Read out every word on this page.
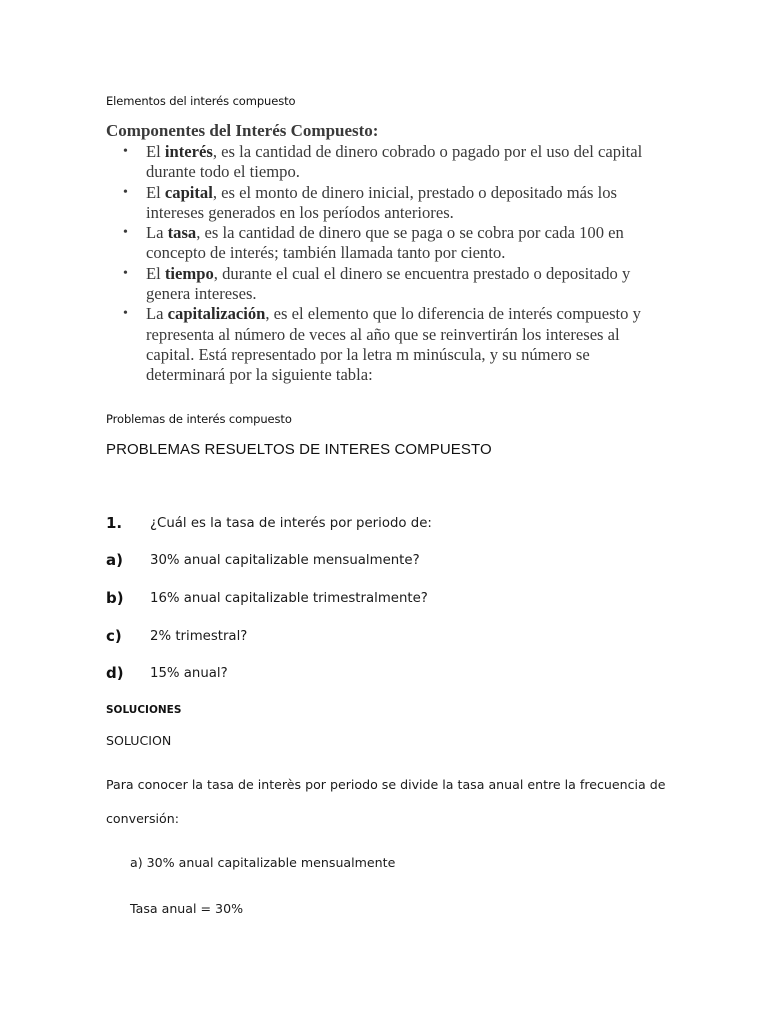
Elementos del interés compuesto
Componentes del Interés Compuesto:
• El interés, es la cantidad de dinero cobrado o pagado por el uso del capital durante todo el tiempo.
• El capital, es el monto de dinero inicial, prestado o depositado más los intereses generados en los períodos anteriores.
• La tasa, es la cantidad de dinero que se paga o se cobra por cada 100 en concepto de interés; también llamada tanto por ciento.
• El tiempo, durante el cual el dinero se encuentra prestado o depositado y genera intereses.
• La capitalización, es el elemento que lo diferencia de interés compuesto y representa al número de veces al año que se reinvertirán los intereses al capital. Está representado por la letra m minúscula, y su número se determinará por la siguiente tabla:
Problemas de interés compuesto
PROBLEMAS RESUELTOS DE INTERES COMPUESTO
1. ¿Cuál es la tasa de interés por periodo de:
a) 30% anual capitalizable mensualmente?
b) 16% anual capitalizable trimestralmente?
c) 2% trimestral?
d) 15% anual?
SOLUCIONES
SOLUCION
Para conocer la tasa de interès por periodo se divide la tasa anual entre la frecuencia de
conversión:
a) 30% anual capitalizable mensualmente
Tasa anual = 30%
